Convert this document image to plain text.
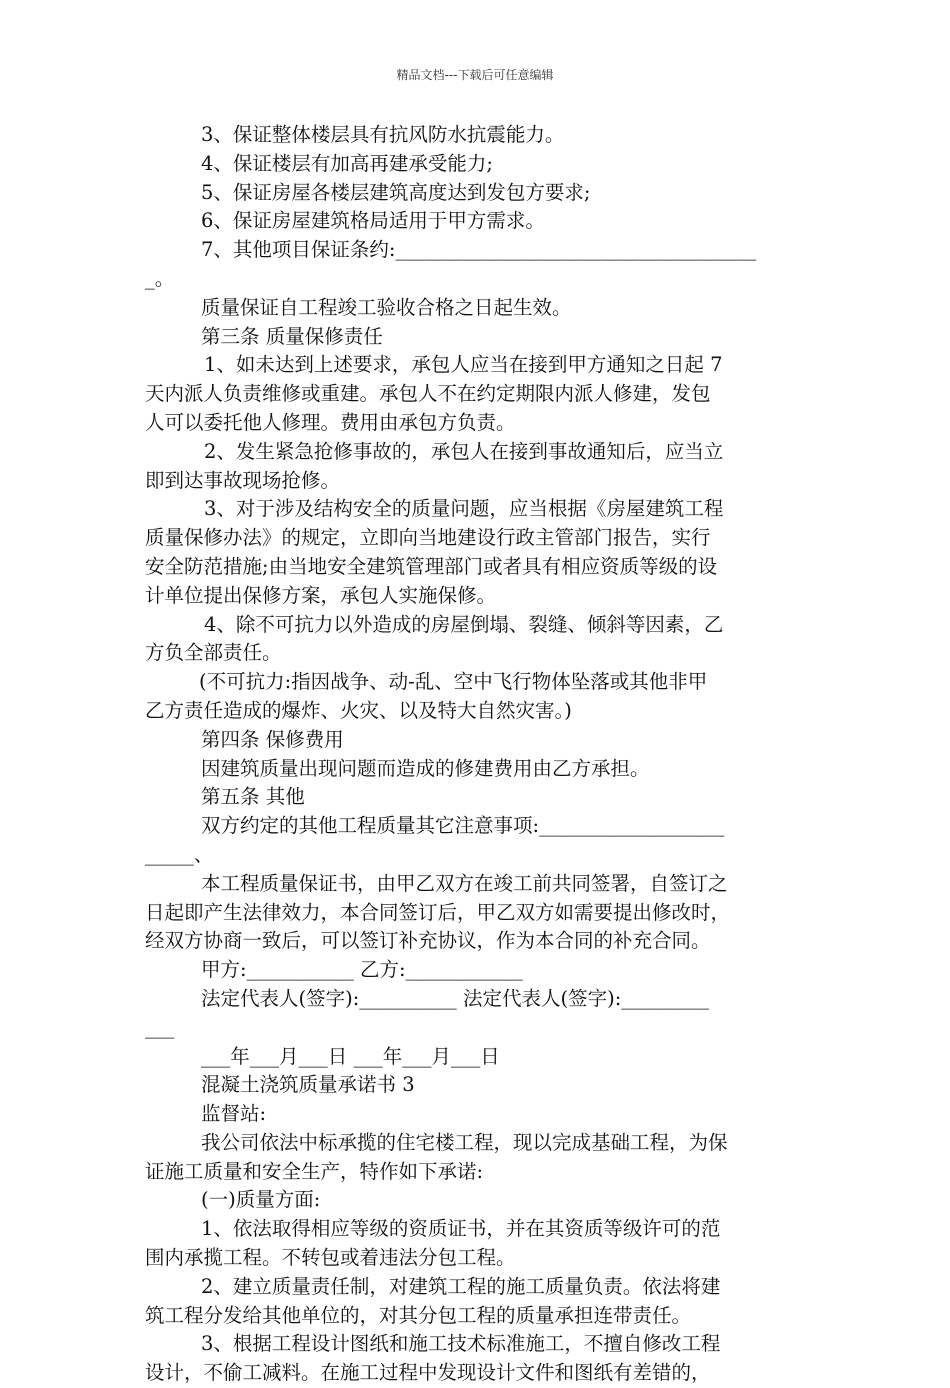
精品文档---下载后可任意编辑
3、保证整体楼层具有抗风防水抗震能力。
4、保证楼层有加高再建承受能力;
5、保证房屋各楼层建筑高度达到发包方要求;
6、保证房屋建筑格局适用于甲方需求。
7、其他项目保证条约:_____________________________________
_。
质量保证自工程竣工验收合格之日起生效。
第三条 质量保修责任
1、如未达到上述要求，承包人应当在接到甲方通知之日起 7
天内派人负责维修或重建。承包人不在约定期限内派人修建，发包
人可以委托他人修理。费用由承包方负责。
2、发生紧急抢修事故的，承包人在接到事故通知后，应当立
即到达事故现场抢修。
3、对于涉及结构安全的质量问题，应当根据《房屋建筑工程
质量保修办法》的规定，立即向当地建设行政主管部门报告，实行
安全防范措施;由当地安全建筑管理部门或者具有相应资质等级的设
计单位提出保修方案，承包人实施保修。
4、除不可抗力以外造成的房屋倒塌、裂缝、倾斜等因素，乙
方负全部责任。
(不可抗力:指因战争、动-乱、空中飞行物体坠落或其他非甲
乙方责任造成的爆炸、火灾、以及特大自然灾害。)
第四条 保修费用
因建筑质量出现问题而造成的修建费用由乙方承担。
第五条 其他
双方约定的其他工程质量其它注意事项:___________________
_____、
本工程质量保证书，由甲乙双方在竣工前共同签署，自签订之
日起即产生法律效力，本合同签订后，甲乙双方如需要提出修改时，
经双方协商一致后，可以签订补充协议，作为本合同的补充合同。
甲方:___________ 乙方:____________
法定代表人(签字):__________ 法定代表人(签字):_________
___
___年___月___日 ___年___月___日
混凝土浇筑质量承诺书 3
监督站:
我公司依法中标承揽的住宅楼工程，现以完成基础工程，为保
证施工质量和安全生产，特作如下承诺:
(一)质量方面:
1、依法取得相应等级的资质证书，并在其资质等级许可的范
围内承揽工程。不转包或着违法分包工程。
2、建立质量责任制，对建筑工程的施工质量负责。依法将建
筑工程分发给其他单位的，对其分包工程的质量承担连带责任。
3、根据工程设计图纸和施工技术标准施工，不擅自修改工程
设计，不偷工减料。在施工过程中发现设计文件和图纸有差错的，
